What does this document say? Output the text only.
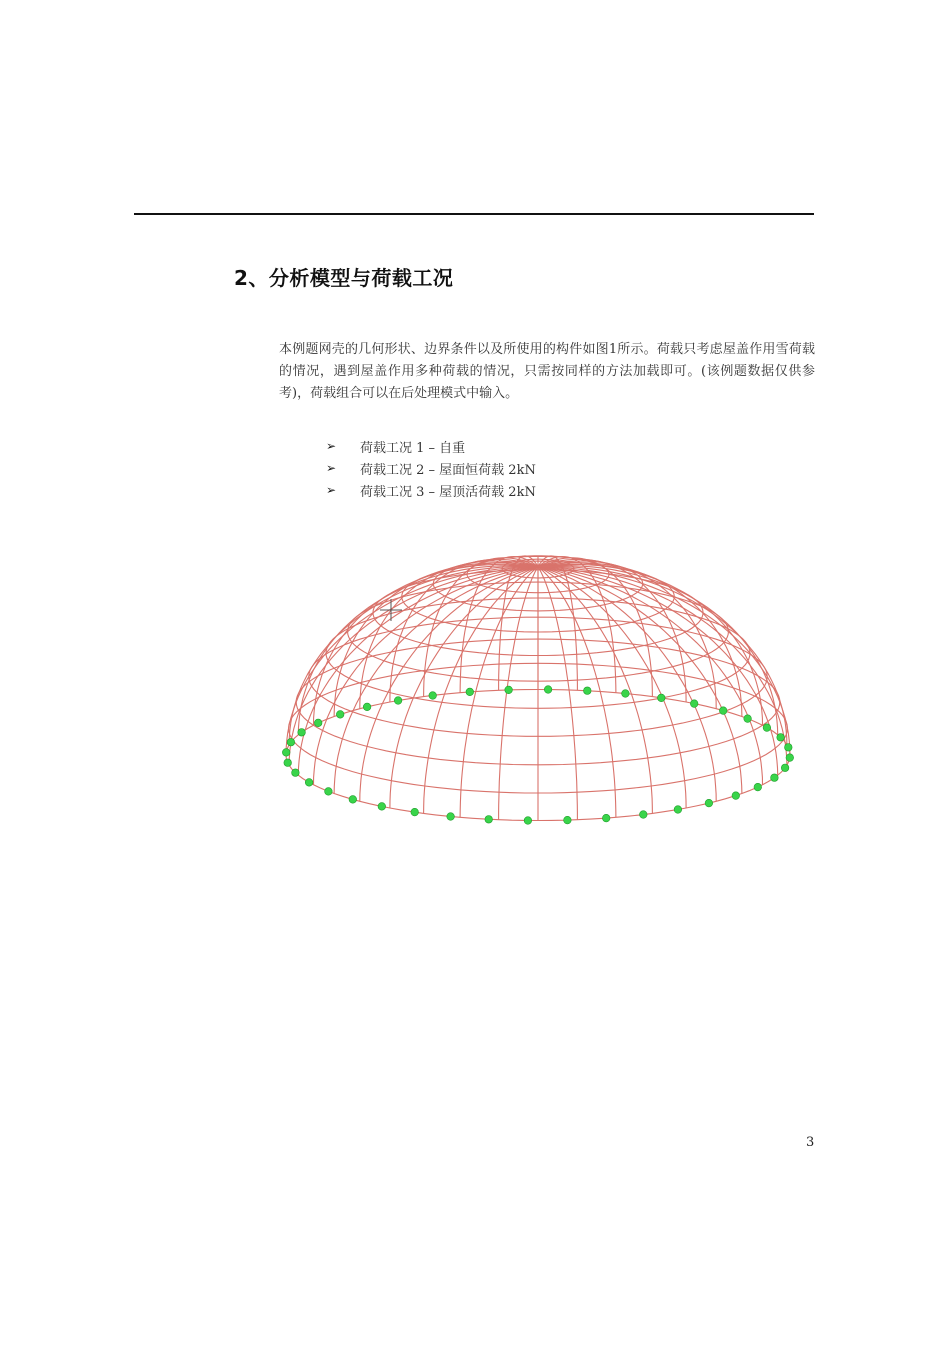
2、分析模型与荷载工况

本例题网壳的几何形状、边界条件以及所使用的构件如图1所示。荷载只考虑屋盖作用雪荷载的情况，遇到屋盖作用多种荷载的情况，只需按同样的方法加载即可。(该例题数据仅供参考)，荷载组合可以在后处理模式中输入。

➢	荷载工况 1 – 自重
➢	荷载工况 2 – 屋面恒荷载 2kN
➢	荷载工况 3 – 屋顶活荷载 2kN
3
